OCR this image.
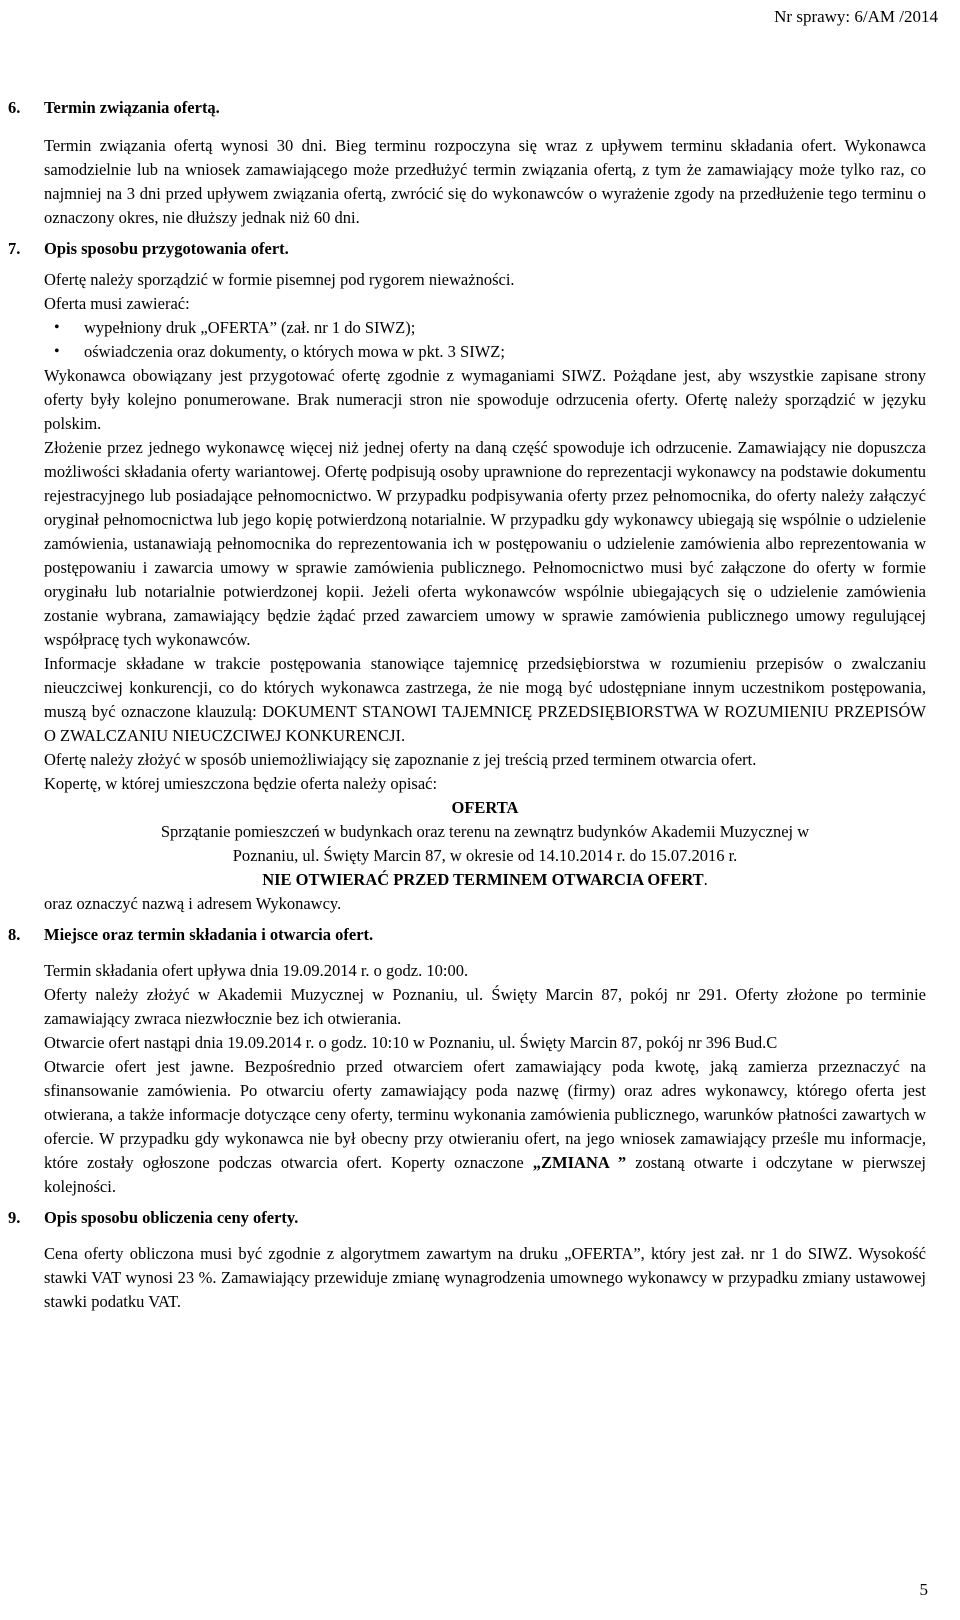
Nr sprawy: 6/AM /2014
6.	Termin związania ofertą.

Termin związania ofertą wynosi 30 dni. Bieg terminu rozpoczyna się wraz z upływem terminu składania ofert. Wykonawca samodzielnie lub na wniosek zamawiającego może przedłużyć termin związania ofertą, z tym że zamawiający może tylko raz, co najmniej na 3 dni przed upływem związania ofertą, zwrócić się do wykonawców o wyrażenie zgody na przedłużenie tego terminu o oznaczony okres, nie dłuższy jednak niż 60 dni.

7.	Opis sposobu przygotowania ofert.

Ofertę należy sporządzić w formie pisemnej pod rygorem nieważności.

Oferta musi zawierać:

• wypełniony druk „OFERTA” (zał. nr 1 do SIWZ);
• oświadczenia oraz dokumenty, o których mowa w pkt. 3 SIWZ;

Wykonawca obowiązany jest przygotować ofertę zgodnie z wymaganiami SIWZ. Pożądane jest, aby wszystkie zapisane strony oferty były kolejno ponumerowane. Brak numeracji stron nie spowoduje odrzucenia oferty. Ofertę należy sporządzić w języku polskim.

Złożenie przez jednego wykonawcę więcej niż jednej oferty na daną część spowoduje ich odrzucenie. Zamawiający nie dopuszcza możliwości składania oferty wariantowej. Ofertę podpisują osoby uprawnione do reprezentacji wykonawcy na podstawie dokumentu rejestracyjnego lub posiadające pełnomocnictwo. W przypadku podpisywania oferty przez pełnomocnika, do oferty należy załączyć oryginał pełnomocnictwa lub jego kopię potwierdzoną notarialnie. W przypadku gdy wykonawcy ubiegają się wspólnie o udzielenie zamówienia, ustanawiają pełnomocnika do reprezentowania ich w postępowaniu o udzielenie zamówienia albo reprezentowania w postępowaniu i zawarcia umowy w sprawie zamówienia publicznego. Pełnomocnictwo musi być załączone do oferty w formie oryginału lub notarialnie potwierdzonej kopii. Jeżeli oferta wykonawców wspólnie ubiegających się o udzielenie zamówienia zostanie wybrana, zamawiający będzie żądać przed zawarciem umowy w sprawie zamówienia publicznego umowy regulującej współpracę tych wykonawców.

Informacje składane w trakcie postępowania stanowiące tajemnicę przedsiębiorstwa w rozumieniu przepisów o zwalczaniu nieuczciwej konkurencji, co do których wykonawca zastrzega, że nie mogą być udostępniane innym uczestnikom postępowania, muszą być oznaczone klauzulą: DOKUMENT STANOWI TAJEMNICĘ PRZEDSIĘBIORSTWA W ROZUMIENIU PRZEPISÓW O ZWALCZANIU NIEUCZCIWEJ KONKURENCJI.

Ofertę należy złożyć w sposób uniemożliwiający się zapoznanie z jej treścią przed terminem otwarcia ofert.

Kopertę, w której umieszczona będzie oferta należy opisać:

OFERTA
Sprzątanie pomieszczeń w budynkach oraz terenu na zewnątrz budynków Akademii Muzycznej w
Poznaniu, ul. Święty Marcin 87, w okresie od 14.10.2014 r. do 15.07.2016 r.
NIE OTWIERAĆ PRZED TERMINEM OTWARCIA OFERT.

oraz oznaczyć nazwą i adresem Wykonawcy.

8.	Miejsce oraz termin składania i otwarcia ofert.

Termin składania ofert upływa dnia 19.09.2014 r. o godz. 10:00.

Oferty należy złożyć w Akademii Muzycznej w Poznaniu, ul. Święty Marcin 87, pokój nr 291. Oferty złożone po terminie zamawiający zwraca niezwłocznie bez ich otwierania.

Otwarcie ofert nastąpi dnia 19.09.2014 r. o godz. 10:10 w Poznaniu, ul. Święty Marcin 87, pokój nr 396 Bud.C

Otwarcie ofert jest jawne. Bezpośrednio przed otwarciem ofert zamawiający poda kwotę, jaką zamierza przeznaczyć na sfinansowanie zamówienia. Po otwarciu oferty zamawiający poda nazwę (firmy) oraz adres wykonawcy, którego oferta jest otwierana, a także informacje dotyczące ceny oferty, terminu wykonania zamówienia publicznego, warunków płatności zawartych w ofercie. W przypadku gdy wykonawca nie był obecny przy otwieraniu ofert, na jego wniosek zamawiający prześle mu informacje, które zostały ogłoszone podczas otwarcia ofert. Koperty oznaczone „ZMIANA ” zostaną otwarte i odczytane w pierwszej kolejności.

9.	Opis sposobu obliczenia ceny oferty.

Cena oferty obliczona musi być zgodnie z algorytmem zawartym na druku „OFERTA”, który jest zał. nr 1 do SIWZ. Wysokość stawki VAT wynosi 23 %. Zamawiający przewiduje zmianę wynagrodzenia umownego wykonawcy w przypadku zmiany ustawowej stawki podatku VAT.

5
